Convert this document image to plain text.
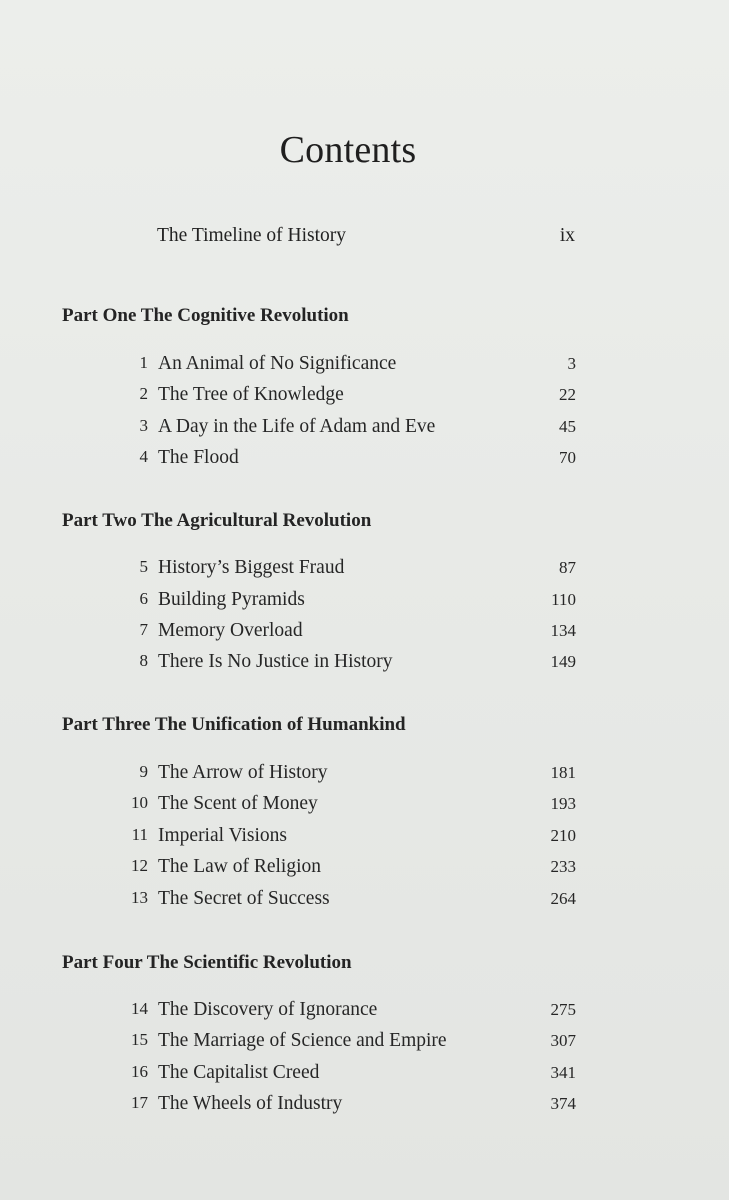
Contents
The Timeline of History	ix
Part One The Cognitive Revolution
1 An Animal of No Significance	3
2 The Tree of Knowledge	22
3 A Day in the Life of Adam and Eve	45
4 The Flood	70
Part Two The Agricultural Revolution
5 History’s Biggest Fraud	87
6 Building Pyramids	110
7 Memory Overload	134
8 There Is No Justice in History	149
Part Three The Unification of Humankind
9 The Arrow of History	181
10 The Scent of Money	193
11 Imperial Visions	210
12 The Law of Religion	233
13 The Secret of Success	264
Part Four The Scientific Revolution
14 The Discovery of Ignorance	275
15 The Marriage of Science and Empire	307
16 The Capitalist Creed	341
17 The Wheels of Industry	374
